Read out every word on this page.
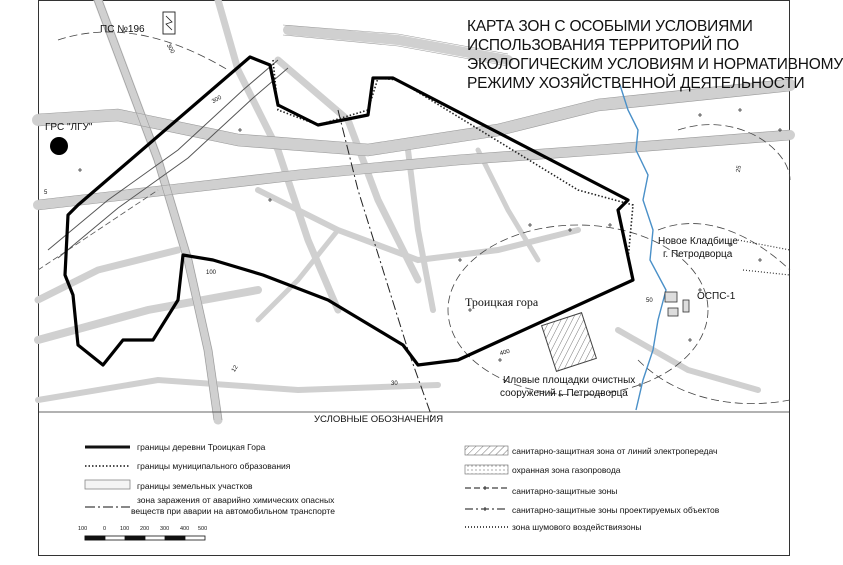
КАРТА ЗОН С ОСОБЫМИ УСЛОВИЯМИ
ИСПОЛЬЗОВАНИЯ ТЕРРИТОРИЙ ПО
ЭКОЛОГИЧЕСКИМ УСЛОВИЯМ И НОРМАТИВНОМУ
РЕЖИМУ ХОЗЯЙСТВЕННОЙ ДЕЯТЕЛЬНОСТИ
ПС №196
ГРС "ЛГУ"
Троицкая гора
Новое Кладбище
г. Петродворца
ОСПС-1
Иловые площадки очистных
сооружений г. Петродворца
300
300
100
400
50
30
12
25
5
УСЛОВНЫЕ ОБОЗНАЧЕНИЯ
границы деревни Троицкая Гора
границы муниципального образования
границы земельных участков
зона заражения от аварийно химических опасных
веществ при аварии на автомобильном транспорте
санитарно-защитная зона от линий электропередач
охранная зона газопровода
санитарно-защитные зоны
санитарно-защитные зоны проектируемых объектов
зона шумового воздействиязоны
100	0	100 200 300 400 500
